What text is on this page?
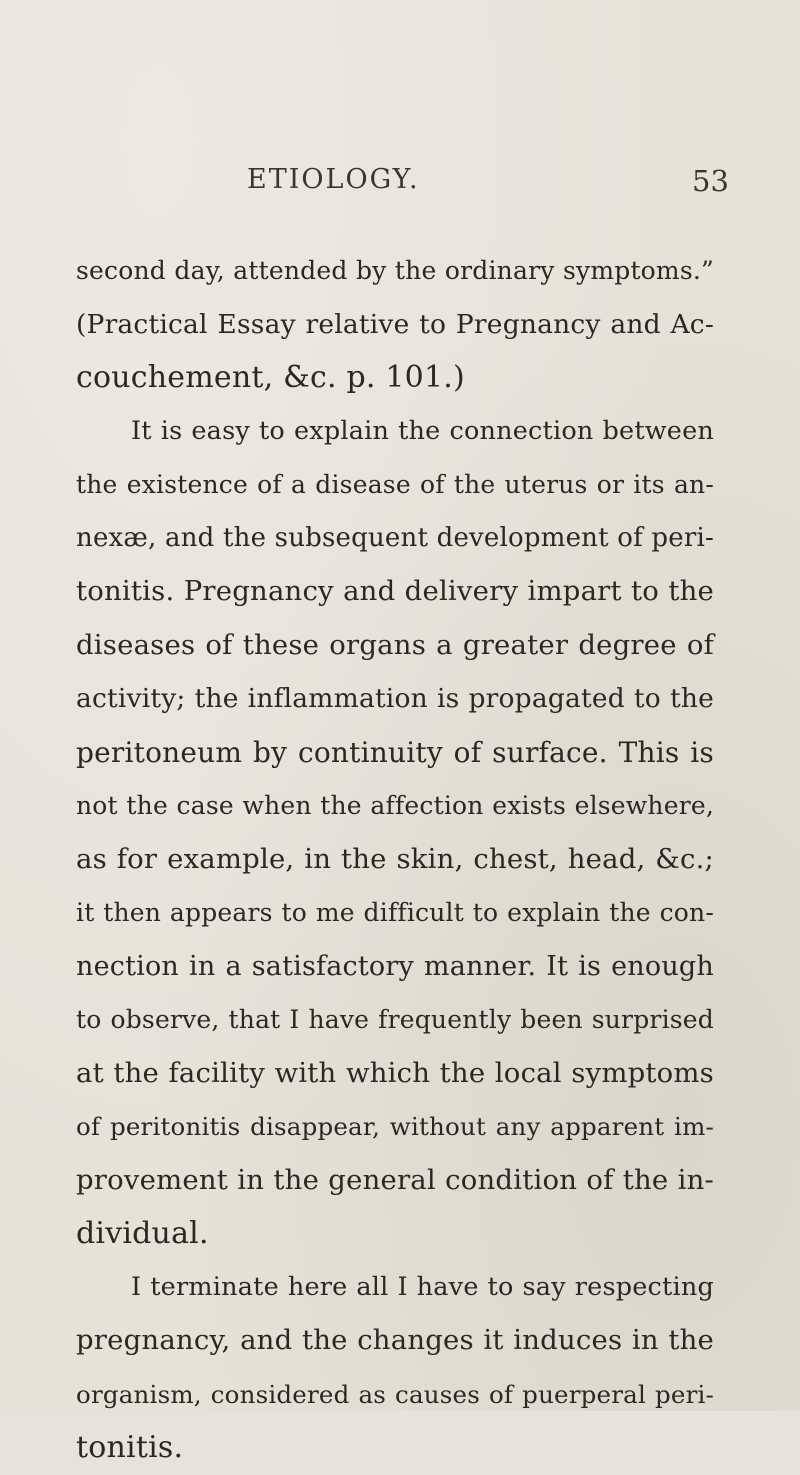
ETIOLOGY.	53
second day, attended by the ordinary symptoms.”
(Practical Essay relative to Pregnancy and Ac-
couchement, &c. p. 101.)
It is easy to explain the connection between
the existence of a disease of the uterus or its an-
nexæ, and the subsequent development of peri-
tonitis. Pregnancy and delivery impart to the
diseases of these organs a greater degree of
activity; the inflammation is propagated to the
peritoneum by continuity of surface. This is
not the case when the affection exists elsewhere,
as for example, in the skin, chest, head, &c.;
it then appears to me difficult to explain the con-
nection in a satisfactory manner. It is enough
to observe, that I have frequently been surprised
at the facility with which the local symptoms
of peritonitis disappear, without any apparent im-
provement in the general condition of the in-
dividual.
I terminate here all I have to say respecting
pregnancy, and the changes it induces in the
organism, considered as causes of puerperal peri-
tonitis.
